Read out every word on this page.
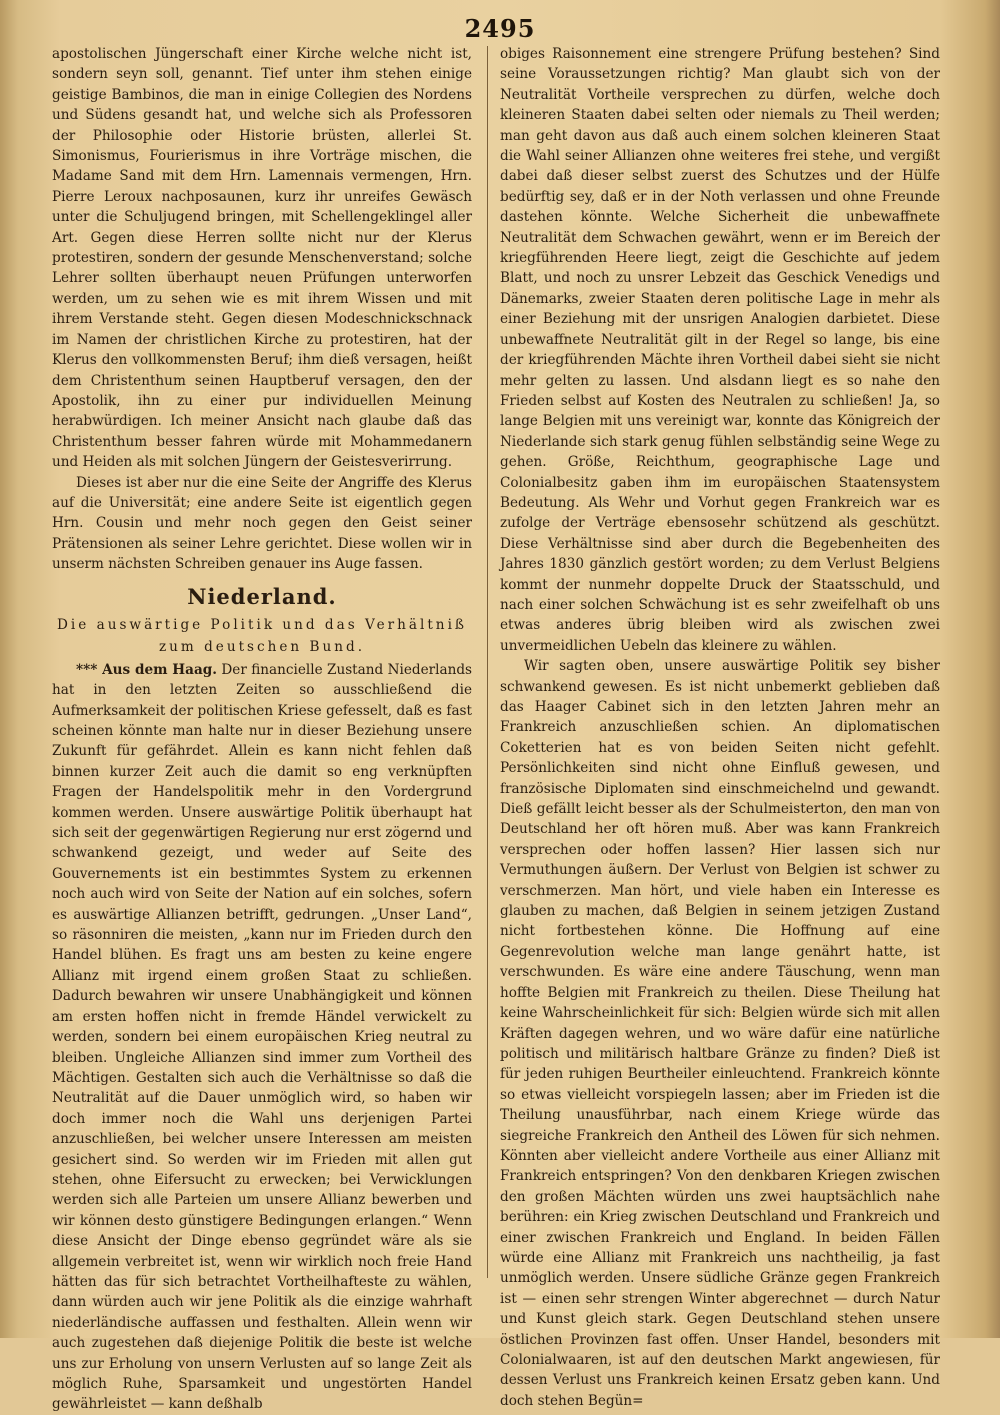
2495

apostolischen Jüngerschaft einer Kirche welche nicht ist, sondern seyn soll, genannt. Tief unter ihm stehen einige geistige Bambinos, die man in einige Collegien des Nordens und Südens gesandt hat, und welche sich als Professoren der Philosophie oder Historie brüsten, allerlei St. Simonismus, Fourierismus in ihre Vorträge mischen, die Madame Sand mit dem Hrn. Lamennais vermengen, Hrn. Pierre Leroux nachposaunen, kurz ihr unreifes Gewäsch unter die Schuljugend bringen, mit Schellengeklingel aller Art. Gegen diese Herren sollte nicht nur der Klerus protestiren, sondern der gesunde Menschenverstand; solche Lehrer sollten überhaupt neuen Prüfungen unterworfen werden, um zu sehen wie es mit ihrem Wissen und mit ihrem Verstande steht. Gegen diesen Modeschnickschnack im Namen der christlichen Kirche zu protestiren, hat der Klerus den vollkommensten Beruf; ihm dieß versagen, heißt dem Christenthum seinen Hauptberuf versagen, den der Apostolik, ihn zu einer pur individuellen Meinung herabwürdigen. Ich meiner Ansicht nach glaube daß das Christenthum besser fahren würde mit Mohammedanern und Heiden als mit solchen Jüngern der Geistesverirrung.

Dieses ist aber nur die eine Seite der Angriffe des Klerus auf die Universität; eine andere Seite ist eigentlich gegen Hrn. Cousin und mehr noch gegen den Geist seiner Prätensionen als seiner Lehre gerichtet. Diese wollen wir in unserm nächsten Schreiben genauer ins Auge fassen.

Niederland.
Die auswärtige Politik und das Verhältniß
zum deutschen Bund.

*** Aus dem Haag. Der financielle Zustand Niederlands hat in den letzten Zeiten so ausschließend die Aufmerksamkeit der politischen Kriese gefesselt, daß es fast scheinen könnte man halte nur in dieser Beziehung unsere Zukunft für gefährdet. Allein es kann nicht fehlen daß binnen kurzer Zeit auch die damit so eng verknüpften Fragen der Handelspolitik mehr in den Vordergrund kommen werden. Unsere auswärtige Politik überhaupt hat sich seit der gegenwärtigen Regierung nur erst zögernd und schwankend gezeigt, und weder auf Seite des Gouvernements ist ein bestimmtes System zu erkennen noch auch wird von Seite der Nation auf ein solches, sofern es auswärtige Allianzen betrifft, gedrungen. „Unser Land“, so räsonniren die meisten, „kann nur im Frieden durch den Handel blühen. Es fragt uns am besten zu keine engere Allianz mit irgend einem großen Staat zu schließen. Dadurch bewahren wir unsere Unabhängigkeit und können am ersten hoffen nicht in fremde Händel verwickelt zu werden, sondern bei einem europäischen Krieg neutral zu bleiben. Ungleiche Allianzen sind immer zum Vortheil des Mächtigen. Gestalten sich auch die Verhältnisse so daß die Neutralität auf die Dauer unmöglich wird, so haben wir doch immer noch die Wahl uns derjenigen Partei anzuschließen, bei welcher unsere Interessen am meisten gesichert sind. So werden wir im Frieden mit allen gut stehen, ohne Eifersucht zu erwecken; bei Verwicklungen werden sich alle Parteien um unsere Allianz bewerben und wir können desto günstigere Bedingungen erlangen.“ Wenn diese Ansicht der Dinge ebenso gegründet wäre als sie allgemein verbreitet ist, wenn wir wirklich noch freie Hand hätten das für sich betrachtet Vortheilhafteste zu wählen, dann würden auch wir jene Politik als die einzige wahrhaft niederländische auffassen und festhalten. Allein wenn wir auch zugestehen daß diejenige Politik die beste ist welche uns zur Erholung von unsern Verlusten auf so lange Zeit als möglich Ruhe, Sparsamkeit und ungestörten Handel gewährleistet — kann deßhalb

obiges Raisonnement eine strengere Prüfung bestehen? Sind seine Voraussetzungen richtig? Man glaubt sich von der Neutralität Vortheile versprechen zu dürfen, welche doch kleineren Staaten dabei selten oder niemals zu Theil werden; man geht davon aus daß auch einem solchen kleineren Staat die Wahl seiner Allianzen ohne weiteres frei stehe, und vergißt dabei daß dieser selbst zuerst des Schutzes und der Hülfe bedürftig sey, daß er in der Noth verlassen und ohne Freunde dastehen könnte. Welche Sicherheit die unbewaffnete Neutralität dem Schwachen gewährt, wenn er im Bereich der kriegführenden Heere liegt, zeigt die Geschichte auf jedem Blatt, und noch zu unsrer Lebzeit das Geschick Venedigs und Dänemarks, zweier Staaten deren politische Lage in mehr als einer Beziehung mit der unsrigen Analogien darbietet. Diese unbewaffnete Neutralität gilt in der Regel so lange, bis eine der kriegführenden Mächte ihren Vortheil dabei sieht sie nicht mehr gelten zu lassen. Und alsdann liegt es so nahe den Frieden selbst auf Kosten des Neutralen zu schließen! Ja, so lange Belgien mit uns vereinigt war, konnte das Königreich der Niederlande sich stark genug fühlen selbständig seine Wege zu gehen. Größe, Reichthum, geographische Lage und Colonialbesitz gaben ihm im europäischen Staatensystem Bedeutung. Als Wehr und Vorhut gegen Frankreich war es zufolge der Verträge ebensosehr schützend als geschützt. Diese Verhältnisse sind aber durch die Begebenheiten des Jahres 1830 gänzlich gestört worden; zu dem Verlust Belgiens kommt der nunmehr doppelte Druck der Staatsschuld, und nach einer solchen Schwächung ist es sehr zweifelhaft ob uns etwas anderes übrig bleiben wird als zwischen zwei unvermeidlichen Uebeln das kleinere zu wählen.

Wir sagten oben, unsere auswärtige Politik sey bisher schwankend gewesen. Es ist nicht unbemerkt geblieben daß das Haager Cabinet sich in den letzten Jahren mehr an Frankreich anzuschließen schien. An diplomatischen Coketterien hat es von beiden Seiten nicht gefehlt. Persönlichkeiten sind nicht ohne Einfluß gewesen, und französische Diplomaten sind einschmeichelnd und gewandt. Dieß gefällt leicht besser als der Schulmeisterton, den man von Deutschland her oft hören muß. Aber was kann Frankreich versprechen oder hoffen lassen? Hier lassen sich nur Vermuthungen äußern. Der Verlust von Belgien ist schwer zu verschmerzen. Man hört, und viele haben ein Interesse es glauben zu machen, daß Belgien in seinem jetzigen Zustand nicht fortbestehen könne. Die Hoffnung auf eine Gegenrevolution welche man lange genährt hatte, ist verschwunden. Es wäre eine andere Täuschung, wenn man hoffte Belgien mit Frankreich zu theilen. Diese Theilung hat keine Wahrscheinlichkeit für sich: Belgien würde sich mit allen Kräften dagegen wehren, und wo wäre dafür eine natürliche politisch und militärisch haltbare Gränze zu finden? Dieß ist für jeden ruhigen Beurtheiler einleuchtend. Frankreich könnte so etwas vielleicht vorspiegeln lassen; aber im Frieden ist die Theilung unausführbar, nach einem Kriege würde das siegreiche Frankreich den Antheil des Löwen für sich nehmen. Könnten aber vielleicht andere Vortheile aus einer Allianz mit Frankreich entspringen? Von den denkbaren Kriegen zwischen den großen Mächten würden uns zwei hauptsächlich nahe berühren: ein Krieg zwischen Deutschland und Frankreich und einer zwischen Frankreich und England. In beiden Fällen würde eine Allianz mit Frankreich uns nachtheilig, ja fast unmöglich werden. Unsere südliche Gränze gegen Frankreich ist — einen sehr strengen Winter abgerechnet — durch Natur und Kunst gleich stark. Gegen Deutschland stehen unsere östlichen Provinzen fast offen. Unser Handel, besonders mit Colonialwaaren, ist auf den deutschen Markt angewiesen, für dessen Verlust uns Frankreich keinen Ersatz geben kann. Und doch stehen Begün=
